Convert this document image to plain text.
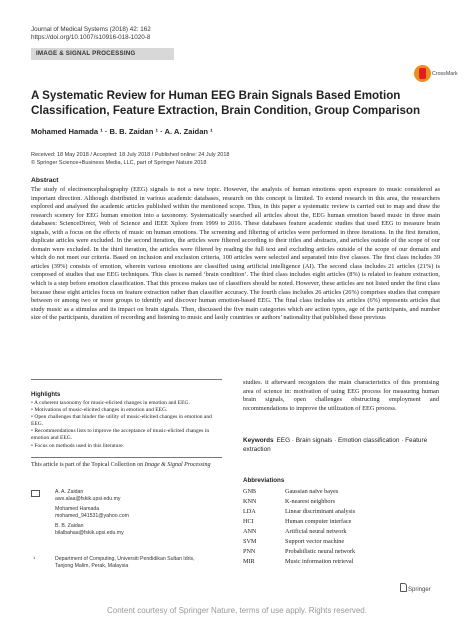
Journal of Medical Systems (2018) 42: 162
https://doi.org/10.1007/s10916-018-1020-8
IMAGE & SIGNAL PROCESSING
CrossMark
A Systematic Review for Human EEG Brain Signals Based Emotion Classification, Feature Extraction, Brain Condition, Group Comparison
Mohamed Hamada ¹ · B. B. Zaidan ¹ · A. A. Zaidan ¹
Received: 18 May 2018 / Accepted: 18 July 2018 / Published online: 24 July 2018
© Springer Science+Business Media, LLC, part of Springer Nature 2018
Abstract
The study of electroencephalography (EEG) signals is not a new topic. However, the analysis of human emotions upon exposure to music considered as important direction. Although distributed in various academic databases, research on this concept is limited. To extend research in this area, the researchers explored and analysed the academic articles published within the mentioned scope. Thus, in this paper a systematic review is carried out to map and draw the research scenery for EEG human emotion into a taxonomy. Systematically searched all articles about the, EEG human emotion based music in three main databases: ScienceDirect, Web of Science and IEEE Xplore from 1999 to 2016. These databases feature academic studies that used EEG to measure brain signals, with a focus on the effects of music on human emotions. The screening and filtering of articles were performed in three iterations. In the first iteration, duplicate articles were excluded. In the second iteration, the articles were filtered according to their titles and abstracts, and articles outside of the scope of our domain were excluded. In the third iteration, the articles were filtered by reading the full text and excluding articles outside of the scope of our domain and which do not meet our criteria. Based on inclusion and exclusion criteria, 100 articles were selected and separated into five classes. The first class includes 39 articles (39%) consists of emotion, wherein various emotions are classified using artificial intelligence (AI). The second class includes 21 articles (21%) is composed of studies that use EEG techniques. This class is named ‘brain condition’. The third class includes eight articles (8%) is related to feature extraction, which is a step before emotion classification. That this process makes use of classifiers should be noted. However, these articles are not listed under the first class because these eight articles focus on feature extraction rather than classifier accuracy. The fourth class includes 26 articles (26%) comprises studies that compare between or among two or more groups to identify and discover human emotion-based EEG. The final class includes six articles (6%) represents articles that study music as a stimulus and its impact on brain signals. Then, discussed the five main categories which are action types, age of the participants, and number size of the participants, duration of recording and listening to music and lastly countries or authors’ nationality that published these previous
Highlights
• A coherent taxonomy for music-elicited changes in emotion and EEG.
• Motivations of music-elicited changes in emotion and EEG.
• Open challenges that hinder the utility of music-elicited changes in emotion and EEG.
• Recommendations lists to improve the acceptance of music-elicited changes in emotion and EEG.
• Focus on methods used in this literature.
This article is part of the Topical Collection on Image & Signal Processing
A. A. Zaidan
aws.alaa@fskik.upsi.edu.my
Mohamed Hamada
mohamed_941531@yahoo.com
B. B. Zaidan
bilalbahaa@fskik.upsi.edu.my
1	Department of Computing, Universiti Pendidikan Sultan Idris,
Tanjong Malim, Perak, Malaysia
studies. it afterward recognizes the main characteristics of this promising area of science in: motivation of using EEG process for measuring human brain signals, open challenges obstructing employment and recommendations to improve the utilization of EEG process.
Keywords EEG · Brain signals · Emotion classification · Feature extraction
Abbreviations
GNB	Gaussian naïve bayes
KNN	K-nearest neighbors
LDA	Linear discriminant analysis
HCI	Human computer interface
ANN	Artificial neural network
SVM	Support vector machine
PNN	Probabilistic neural network
MIR	Music information retrieval
Springer
Content courtesy of Springer Nature, terms of use apply. Rights reserved.
